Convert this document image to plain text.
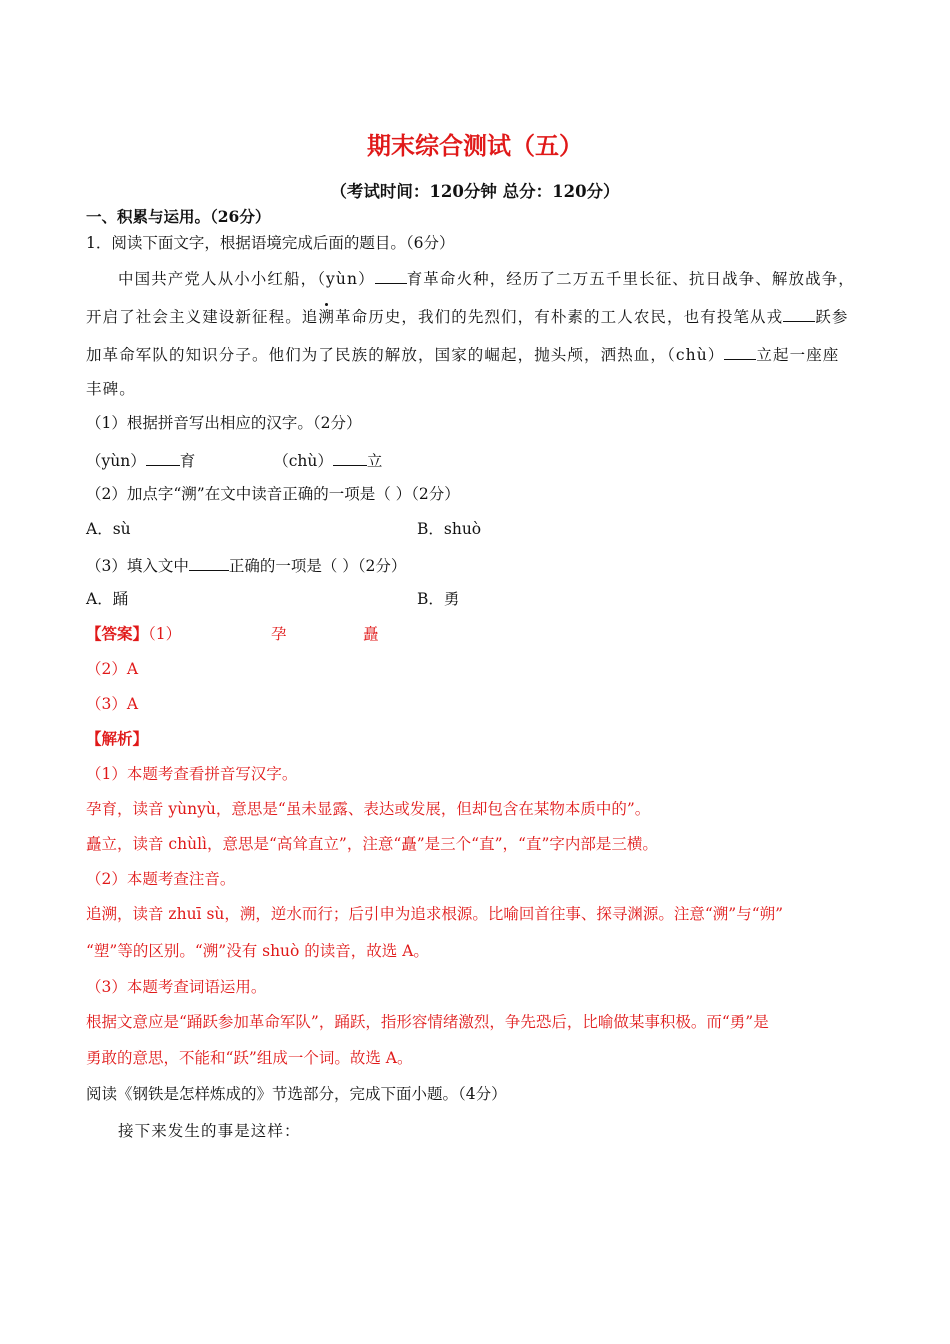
期末综合测试（五）
（考试时间：120分钟 总分：120分）
一、积累与运用。（26分）
1．阅读下面文字，根据语境完成后面的题目。（6分）
中国共产党人从小小红船，（yùn） 育革命火种，经历了二万五千里长征、抗日战争、解放战争，
开启了社会主义建设新征程。追溯革命历史，我们的先烈们，有朴素的工人农民，也有投笔从戎 跃参
加革命军队的知识分子。他们为了民族的解放，国家的崛起，抛头颅，洒热血，（chù） 立起一座座
丰碑。
（1）根据拼音写出相应的汉字。（2分）
（yùn） 育	（chù） 立
（2）加点字“溯”在文中读音正确的一项是（ ）（2分）
A．sù	B．shuò
（3）填入文中	正确的一项是（ ）（2分）
A．踊	B．勇
【答案】（1）	孕	矗
（2）A
（3）A
【解析】
（1）本题考查看拼音写汉字。
孕育，读音 yùnyù，意思是“虽未显露、表达或发展，但却包含在某物本质中的”。
矗立，读音 chùlì，意思是“高耸直立”，注意“矗”是三个“直”，“直”字内部是三横。
（2）本题考查注音。
追溯，读音 zhuī sù，溯，逆水而行；后引申为追求根源。比喻回首往事、探寻渊源。注意“溯”与“朔”
“塑”等的区别。“溯”没有 shuò 的读音，故选 A。
（3）本题考查词语运用。
根据文意应是“踊跃参加革命军队”，踊跃，指形容情绪激烈，争先恐后，比喻做某事积极。而“勇”是
勇敢的意思，不能和“跃”组成一个词。故选 A。
阅读《钢铁是怎样炼成的》节选部分，完成下面小题。（4分）
接下来发生的事是这样：
